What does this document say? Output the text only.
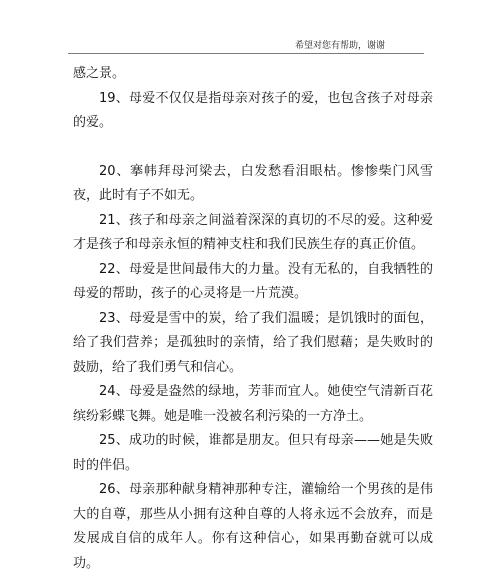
希望对您有帮助，谢谢

感之景。

19、母爱不仅仅是指母亲对孩子的爱，也包含孩子对母亲的爱。

20、搴帏拜母河梁去，白发愁看泪眼枯。惨惨柴门风雪夜，此时有子不如无。

21、孩子和母亲之间溢着深深的真切的不尽的爱。这种爱才是孩子和母亲永恒的精神支柱和我们民族生存的真正价值。

22、母爱是世间最伟大的力量。没有无私的，自我牺牲的母爱的帮助，孩子的心灵将是一片荒漠。

23、母爱是雪中的炭，给了我们温暖；是饥饿时的面包，给了我们营养；是孤独时的亲情，给了我们慰藉；是失败时的鼓励，给了我们勇气和信心。

24、母爱是盎然的绿地，芳菲而宜人。她使空气清新百花缤纷彩蝶飞舞。她是唯一没被名利污染的一方净土。

25、成功的时候，谁都是朋友。但只有母亲——她是失败时的伴侣。

26、母亲那种献身精神那种专注，灌输给一个男孩的是伟大的自尊，那些从小拥有这种自尊的人将永远不会放弃，而是发展成自信的成年人。你有这种信心，如果再勤奋就可以成功。
